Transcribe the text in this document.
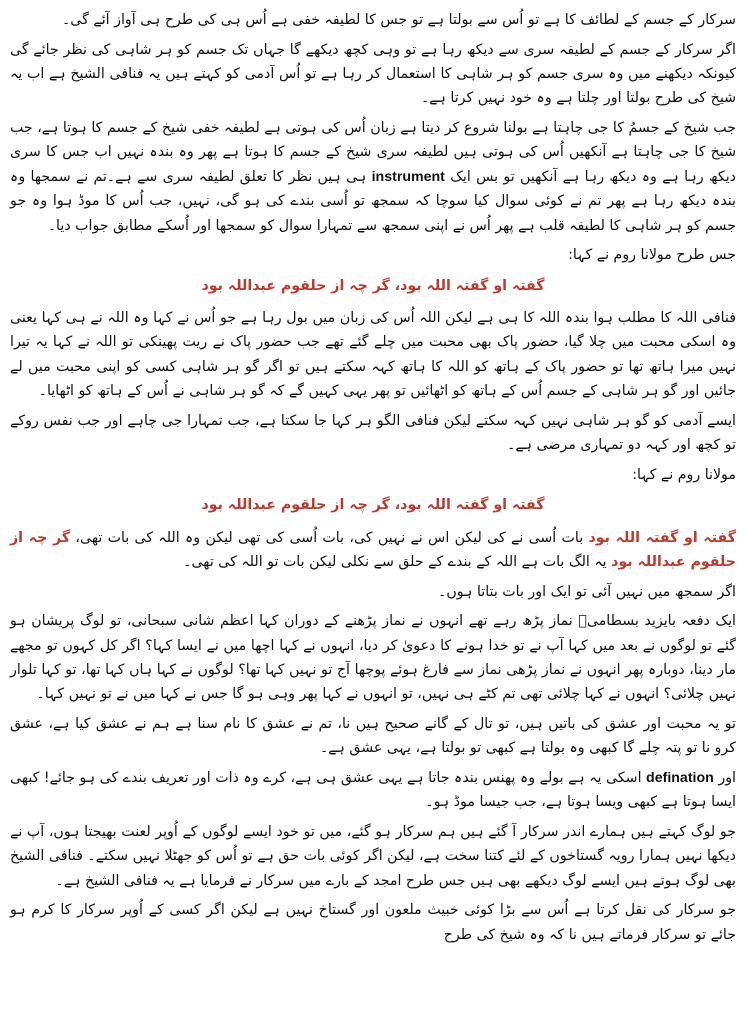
سرکار کے جسم کے لطائف کا ہے تو اُس سے بولتا ہے تو جس کا لطیفہ خفی ہے اُس ہی کی طرح ہی آواز آئے گی۔

اگر سرکار کے جسم کے لطیفہ سری سے دیکھ رہا ہے تو وہی کچھ دیکھے گا جہاں تک جسم کو ہر شاہی کی نظر جائے گی کیونکہ دیکھنے میں وہ سری جسم کو ہر شاہی کا استعمال کر رہا ہے تو اُس آدمی کو کہتے ہیں یہ فنافی الشیخ ہے اب یہ شیخ کی طرح بولتا اور چلتا ہے وہ خود نہیں کرتا ہے۔

جب شیخ کے جسمُ کا جی چاہتا ہے بولنا شروع کر دیتا ہے زبان اُس کی ہوتی ہے لطیفہ خفی شیخ کے جسم کا ہوتا ہے، جب شیخ کا جی چاہتا ہے آنکھیں اُس کی ہوتی ہیں لطیفہ سری شیخ کے جسم کا ہوتا ہے پھر وہ بندہ نہیں اب جس کا سری دیکھ رہا ہے وہ دیکھ رہا ہے آنکھیں تو بس ایک instrument ہی ہیں نظر کا تعلق لطیفہ سری سے ہے۔تم نے سمجھا وہ بندہ دیکھ رہا ہے پھر تم نے کوئی سوال کیا سوچا کہ سمجھ تو اُسی بندے کی ہو گی، نہیں، جب اُس کا موڈ ہوا وہ جو جسم کو ہر شاہی کا لطیفہ قلب ہے پھر اُس نے اپنی سمجھ سے تمہارا سوال کو سمجھا اور اُسکے مطابق جواب دیا۔

جس طرح مولانا روم نے کہا:

گفتہ او گفتہ اللہ بود، گر چہ از حلقوم عبداللہ بود

فنافی اللہ کا مطلب ہوا بندہ اللہ کا ہی ہے لیکن اللہ اُس کی زبان میں بول رہا ہے جو اُس نے کہا وہ اللہ نے ہی کہا یعنی وہ اسکی محبت میں چلا گیا، حضور پاک بھی محبت میں چلے گئے تھے جب حضور پاک نے ریت پھینکی تو اللہ نے کہا یہ تیرا نہیں میرا ہاتھ تھا تو حضور پاک کے ہاتھ کو اللہ کا ہاتھ کہہ سکتے ہیں تو اگر گو ہر شاہی کسی کو اپنی محبت میں لے جائیں اور گو ہر شاہی کے جسم اُس کے ہاتھ کو اٹھائیں تو پھر یہی کہیں گے کہ گو ہر شاہی نے اُس کے ہاتھ کو اٹھایا۔

ایسے آدمی کو گو ہر شاہی نہیں کہہ سکتے لیکن فنافی الگو ہر کہا جا سکتا ہے، جب تمہارا جی چاہے اور جب نفس روکے تو کچھ اور کہہ دو تمہاری مرضی ہے۔

مولانا روم نے کہا:

گفتہ او گفتہ اللہ بود، گر چہ از حلقوم عبداللہ بود

گفتہ او گفتہ اللہ بود بات اُسی نے کی لیکن اس نے نہیں کی، بات اُسی کی تھی لیکن وہ اللہ کی بات تھی، گر چہ از حلقوم عبداللہ بود یہ الگ بات ہے اللہ کے بندے کے حلق سے نکلی لیکن بات تو اللہ کی تھی۔

اگر سمجھ میں نہیں آئی تو ایک اور بات بتاتا ہوں۔

ایک دفعہ بایزید بسطامیؒ نماز پڑھ رہے تھے انہوں نے نماز پڑھنے کے دوران کہا اعظم شانی سبحانی، تو لوگ پریشان ہو گئے تو لوگوں نے بعد میں کہا آپ نے تو خدا ہونے کا دعویٰ کر دیا، انہوں نے کہا اچھا میں نے ایسا کہا؟ اگر کل کہوں تو مجھے مار دینا، دوبارہ پھر انہوں نے نماز پڑھی نماز سے فارغ ہوئے پوچھا آج تو نہیں کہا تھا؟ لوگوں نے کہا ہاں کہا تھا، تو کہا تلوار نہیں چلائی؟ انہوں نے کہا چلائی تھی تم کٹے ہی نہیں، تو انہوں نے کہا پھر وہی ہو گا جس نے کہا میں نے تو نہیں کہا۔

تو یہ محبت اور عشق کی باتیں ہیں، تو تال کے گانے صحیح ہیں نا، تم نے عشق کا نام سنا ہے ہم نے عشق کیا ہے، عشق کرو نا تو پتہ چلے گا کبھی وہ بولتا ہے کبھی تو بولتا ہے، یہی عشق ہے۔

اور defination اسکی یہ ہے بولے وہ پھنس بندہ جاتا ہے یہی عشق ہی ہے، کرے وہ ذات اور تعریف بندے کی ہو جائے! کبھی ایسا ہوتا ہے کبھی ویسا ہوتا ہے، جب جیسا موڈ ہو۔

جو لوگ کہتے ہیں ہمارے اندر سرکار آ گئے ہیں ہم سرکار ہو گئے، میں تو خود ایسے لوگوں کے اُوپر لعنت بھیجتا ہوں، آپ نے دیکھا نہیں ہمارا رویہ گستاخوں کے لئے کتنا سخت ہے، لیکن اگر کوئی بات حق ہے تو اُس کو جھٹلا نہیں سکتے۔ فنافی الشیخ بھی لوگ ہوتے ہیں ایسے لوگ دیکھے بھی ہیں جس طرح امجد کے بارے میں سرکار نے فرمایا ہے یہ فنافی الشیخ ہے۔

جو سرکار کی نقل کرتا ہے اُس سے بڑا کوئی خبیث ملعون اور گستاخ نہیں ہے لیکن اگر کسی کے اُوپر سرکار کا کرم ہو جائے تو سرکار فرماتے ہیں نا کہ وہ شیخ کی طرح
